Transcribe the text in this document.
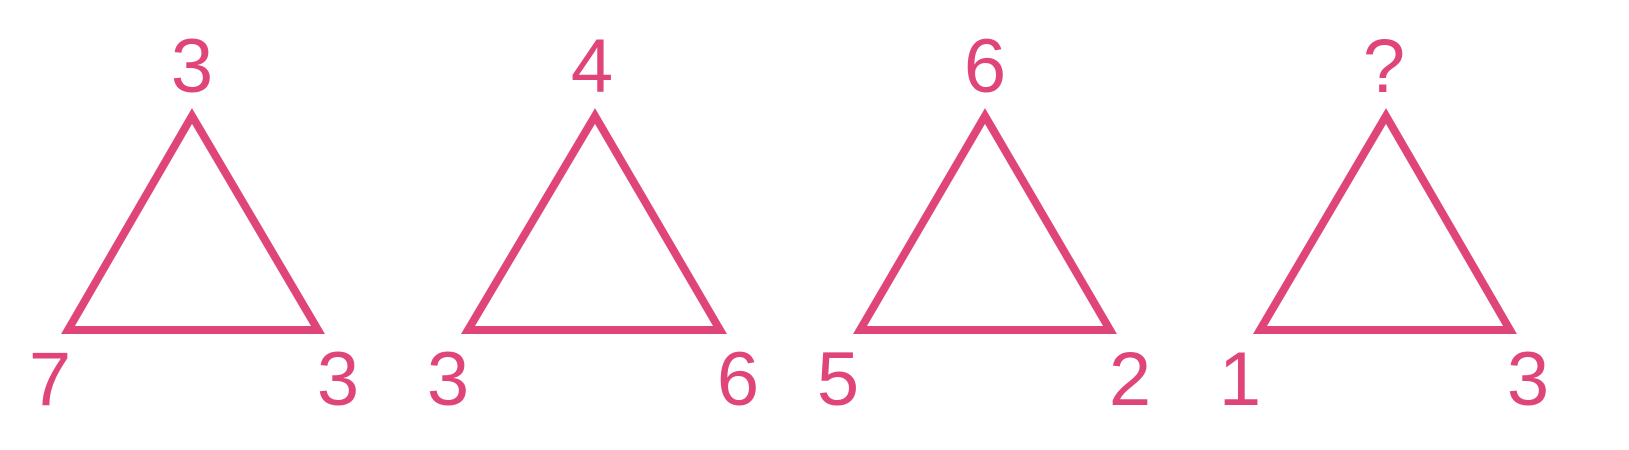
3
7	3
4
3	6
6
5	2
?
1	3
